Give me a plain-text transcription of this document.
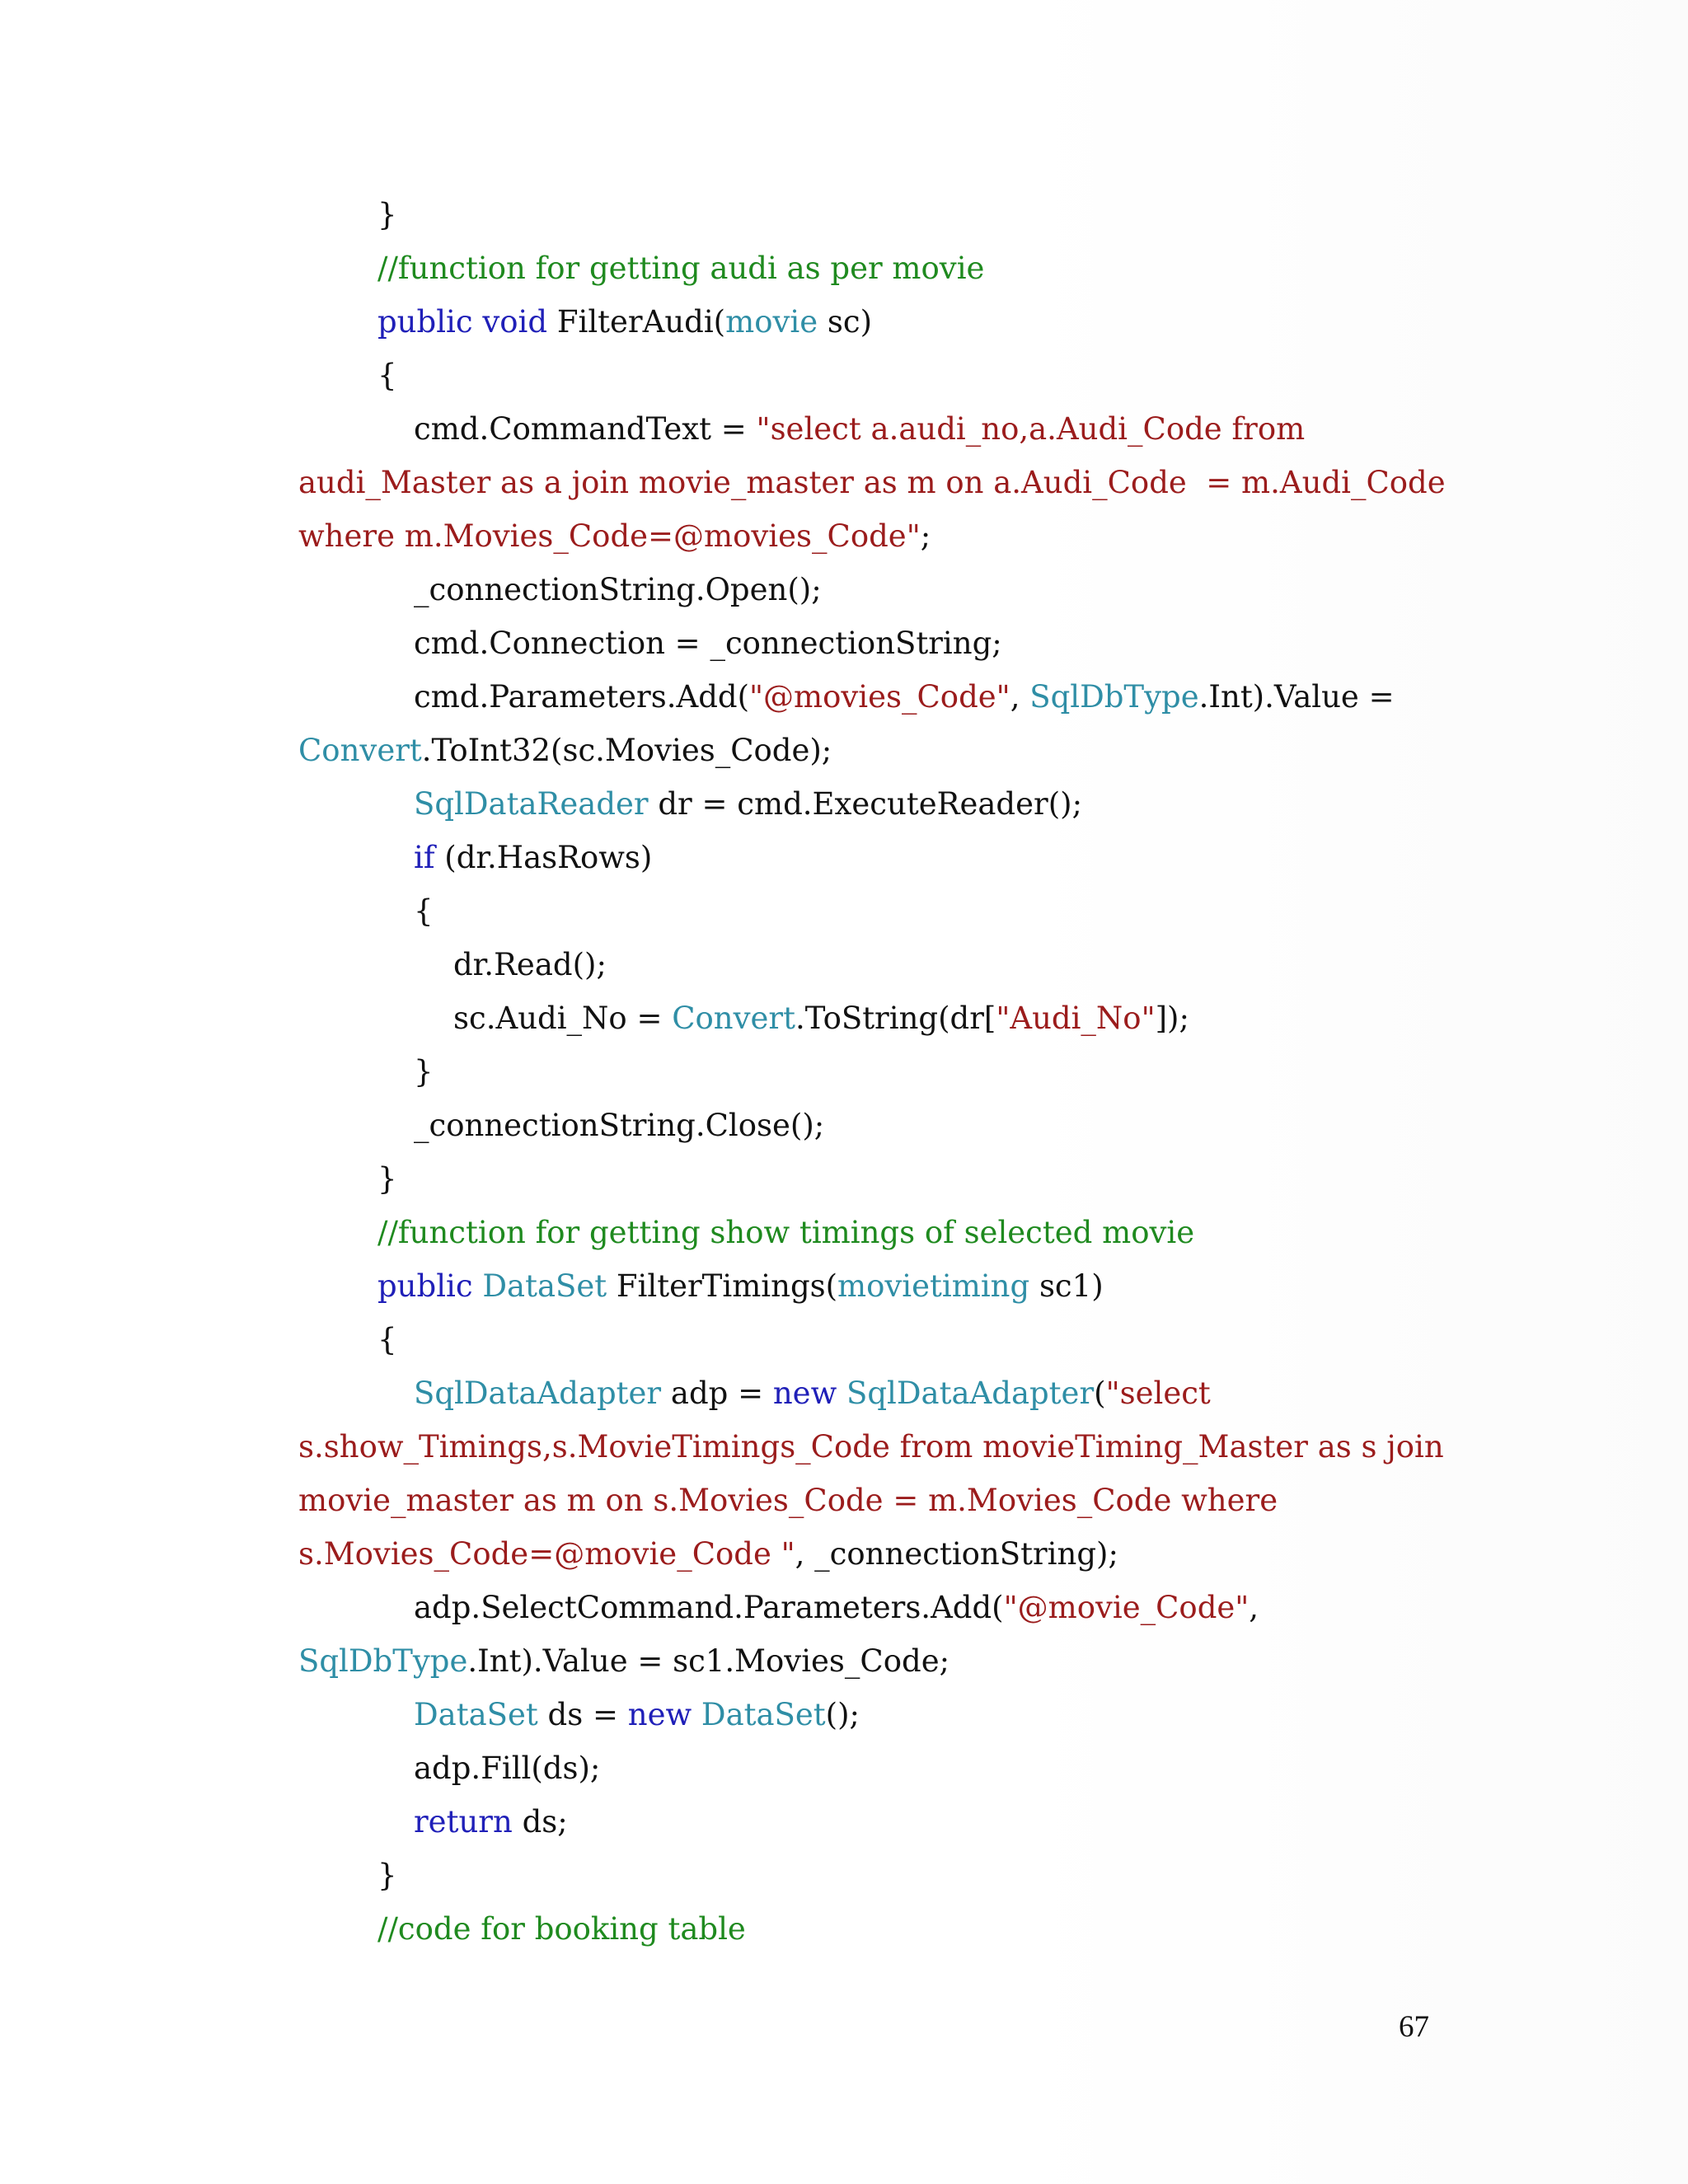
}
//function for getting audi as per movie
public void FilterAudi(movie sc)
{
cmd.CommandText = "select a.audi_no,a.Audi_Code from
audi_Master as a join movie_master as m on a.Audi_Code  = m.Audi_Code
where m.Movies_Code=@movies_Code";
_connectionString.Open();
cmd.Connection = _connectionString;
cmd.Parameters.Add("@movies_Code", SqlDbType.Int).Value =
Convert.ToInt32(sc.Movies_Code);
SqlDataReader dr = cmd.ExecuteReader();
if (dr.HasRows)
{
dr.Read();
sc.Audi_No = Convert.ToString(dr["Audi_No"]);
}
_connectionString.Close();
}
//function for getting show timings of selected movie
public DataSet FilterTimings(movietiming sc1)
{
SqlDataAdapter adp = new SqlDataAdapter("select
s.show_Timings,s.MovieTimings_Code from movieTiming_Master as s join
movie_master as m on s.Movies_Code = m.Movies_Code where
s.Movies_Code=@movie_Code ", _connectionString);
adp.SelectCommand.Parameters.Add("@movie_Code",
SqlDbType.Int).Value = sc1.Movies_Code;
DataSet ds = new DataSet();
adp.Fill(ds);
return ds;
}
//code for booking table
67
